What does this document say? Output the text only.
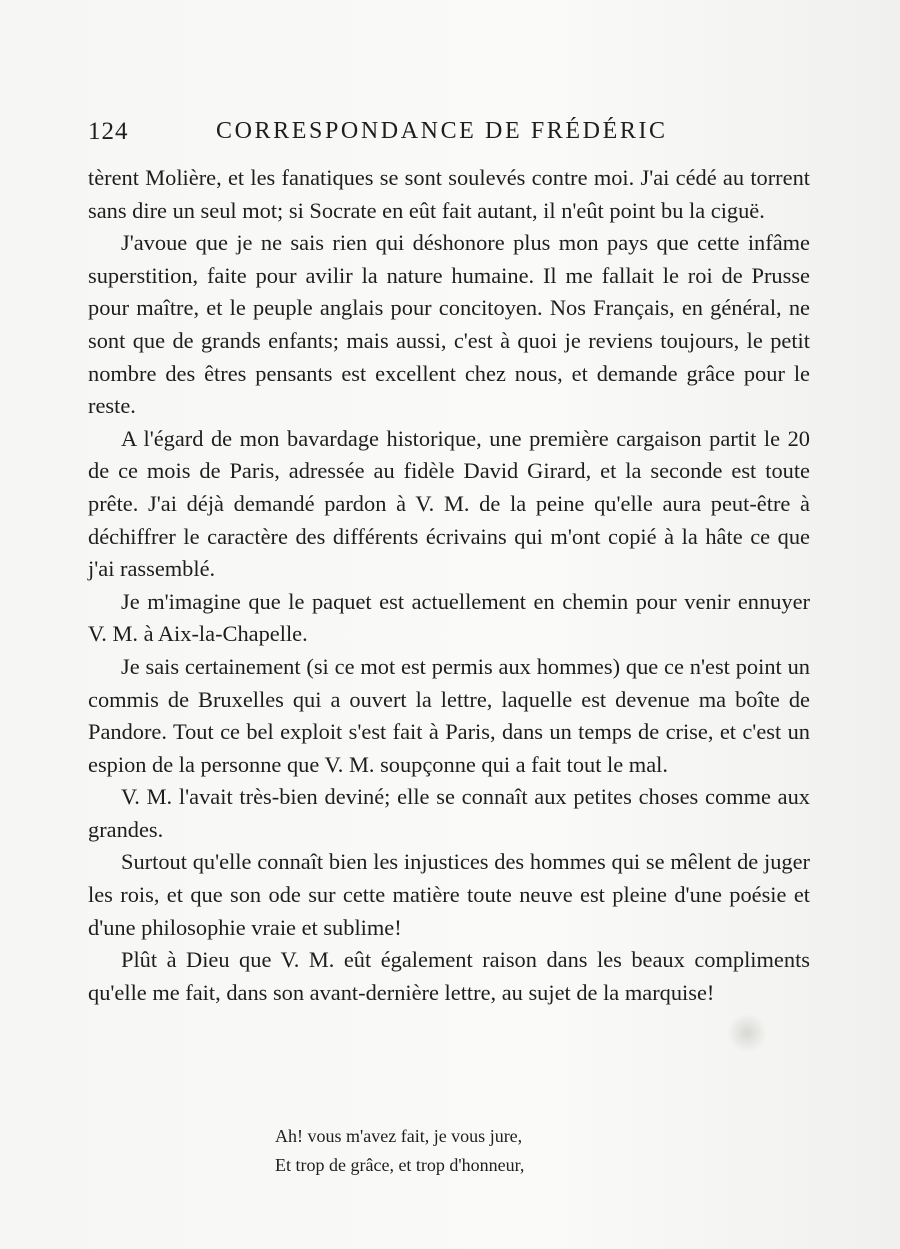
124	CORRESPONDANCE DE FRÉDÉRIC

tèrent Molière, et les fanatiques se sont soulevés contre moi. J'ai cédé au torrent sans dire un seul mot; si Socrate en eût fait autant, il n'eût point bu la ciguë.

J'avoue que je ne sais rien qui déshonore plus mon pays que cette infâme superstition, faite pour avilir la nature humaine. Il me fallait le roi de Prusse pour maître, et le peuple anglais pour concitoyen. Nos Français, en général, ne sont que de grands enfants; mais aussi, c'est à quoi je reviens toujours, le petit nombre des êtres pensants est excellent chez nous, et demande grâce pour le reste.

A l'égard de mon bavardage historique, une première cargaison partit le 20 de ce mois de Paris, adressée au fidèle David Girard, et la seconde est toute prête. J'ai déjà demandé pardon à V. M. de la peine qu'elle aura peut-être à déchiffrer le caractère des différents écrivains qui m'ont copié à la hâte ce que j'ai rassemblé.

Je m'imagine que le paquet est actuellement en chemin pour venir ennuyer V. M. à Aix-la-Chapelle.

Je sais certainement (si ce mot est permis aux hommes) que ce n'est point un commis de Bruxelles qui a ouvert la lettre, laquelle est devenue ma boîte de Pandore. Tout ce bel exploit s'est fait à Paris, dans un temps de crise, et c'est un espion de la personne que V. M. soupçonne qui a fait tout le mal.

V. M. l'avait très-bien deviné; elle se connaît aux petites choses comme aux grandes.

Surtout qu'elle connaît bien les injustices des hommes qui se mêlent de juger les rois, et que son ode sur cette matière toute neuve est pleine d'une poésie et d'une philosophie vraie et sublime!

Plût à Dieu que V. M. eût également raison dans les beaux compliments qu'elle me fait, dans son avant-dernière lettre, au sujet de la marquise!

Ah! vous m'avez fait, je vous jure,
Et trop de grâce, et trop d'honneur,
